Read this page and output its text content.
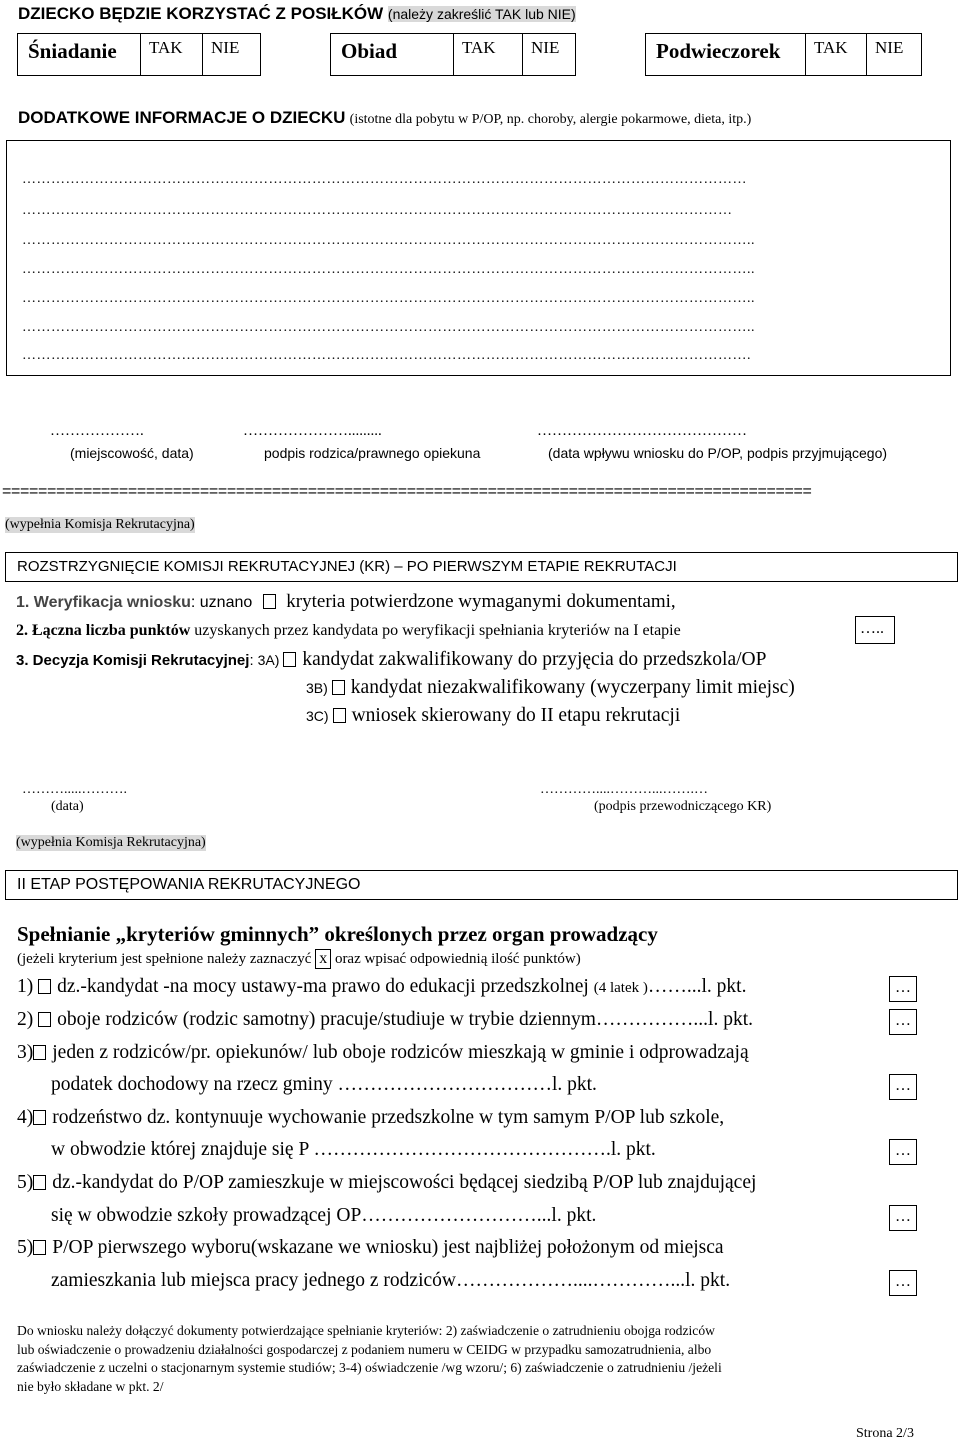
DZIECKO BĘDZIE KORZYSTAĆ Z POSIŁKÓW (należy zakreślić TAK lub NIE)
Śniadanie	TAK	NIE	Obiad	TAK	NIE	Podwieczorek	TAK	NIE
DODATKOWE INFORMACJE O DZIECKU (istotne dla pobytu w P/OP, np. choroby, alergie pokarmowe, dieta, itp.)
……………………………………………………………………………………………………………………………………
…………………………………………………………………………………………………………………………………
……………………………………………………………………………………………………………………………………..
……………………………………………………………………………………………………………………………………..
……………………………………………………………………………………………………………………………………..
……………………………………………………………………………………………………………………………………..
…………………………………………………………………………………………………………………………………….
……………….	………………….........	……………………………………
(miejscowość, data)	podpis rodzica/prawnego opiekuna	(data wpływu wniosku do P/OP, podpis przyjmującego)
==========================================================================================
(wypełnia Komisja Rekrutacyjna)
ROZSTRZYGNIĘCIE KOMISJI REKRUTACYJNEJ (KR) – PO PIERWSZYM ETAPIE REKRUTACJI
1. Weryfikacja wniosku: uznano kryteria potwierdzone wymaganymi dokumentami,
2. Łączna liczba punktów uzyskanych przez kandydata po weryfikacji spełniania kryteriów na I etapie	…..
3. Decyzja Komisji Rekrutacyjnej: 3A) kandydat zakwalifikowany do przyjęcia do przedszkola/OP
3B) kandydat niezakwalifikowany (wyczerpany limit miejsc)
3C) wniosek skierowany do II etapu rekrutacji
……….....……….
(data)
…………....………...…….…
(podpis przewodniczącego KR)
(wypełnia Komisja Rekrutacyjna)
II ETAP POSTĘPOWANIA REKRUTACYJNEGO
Spełnianie „kryteriów gminnych” określonych przez organ prowadzący
(jeżeli kryterium jest spełnione należy zaznaczyć x oraz wpisać odpowiednią ilość punktów)
1) dz.-kandydat -na mocy ustawy-ma prawo do edukacji przedszkolnej (4 latek )……...l. pkt.	…
2) oboje rodziców (rodzic samotny) pracuje/studiuje w trybie dziennym……………...l. pkt.	…
3) jeden z rodziców/pr. opiekunów/ lub oboje rodziców mieszkają w gminie i odprowadzają
podatek dochodowy na rzecz gminy ……………………………l. pkt.	…
4) rodzeństwo dz. kontynuuje wychowanie przedszkolne w tym samym P/OP lub szkole,
w obwodzie której znajduje się P ……………………………………….l. pkt.	…
5) dz.-kandydat do P/OP zamieszkuje w miejscowości będącej siedzibą P/OP lub znajdującej
się w obwodzie szkoły prowadzącej OP………………………...l. pkt.	…
5) P/OP pierwszego wyboru(wskazane we wniosku) jest najbliżej położonym od miejsca
zamieszkania lub miejsca pracy jednego z rodziców………………....…………...l. pkt.	…
Do wniosku należy dołączyć dokumenty potwierdzające spełnianie kryteriów: 2) zaświadczenie o zatrudnieniu obojga rodziców
lub oświadczenie o prowadzeniu działalności gospodarczej z podaniem numeru w CEIDG w przypadku samozatrudnienia, albo
zaświadczenie z uczelni o stacjonarnym systemie studiów; 3-4) oświadczenie /wg wzoru/; 6) zaświadczenie o zatrudnieniu /jeżeli
nie było składane w pkt. 2/
Strona 2/3
